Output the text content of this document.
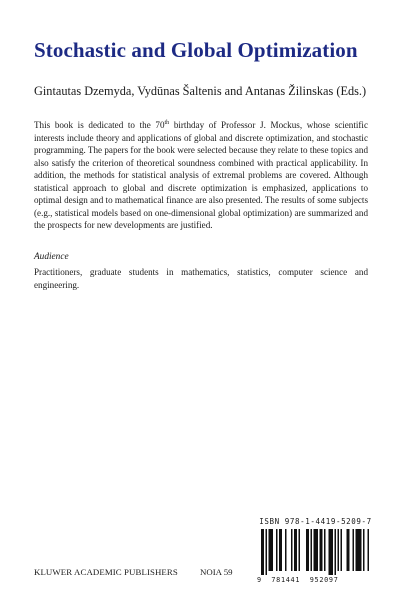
Stochastic and Global Optimization
Gintautas Dzemyda, Vydūnas Šaltenis and Antanas Žilinskas (Eds.)

This book is dedicated to the 70th birthday of Professor J. Mockus, whose scientific interests include theory and applications of global and discrete optimization, and stochastic programming. The papers for the book were selected because they relate to these topics and also satisfy the criterion of theoretical soundness combined with practical applicability. In addition, the methods for statistical analysis of extremal problems are covered. Although statistical approach to global and discrete optimization is emphasized, applications to optimal design and to mathematical finance are also presented. The results of some subjects (e.g., statistical models based on one-dimensional global optimization) are summarized and the prospects for new developments are justified.

Audience

Practitioners, graduate students in mathematics, statistics, computer science and engineering.

ISBN 978-1-4419-5209-7
9 781441 952097
KLUWER ACADEMIC PUBLISHERS	NOIA 59
